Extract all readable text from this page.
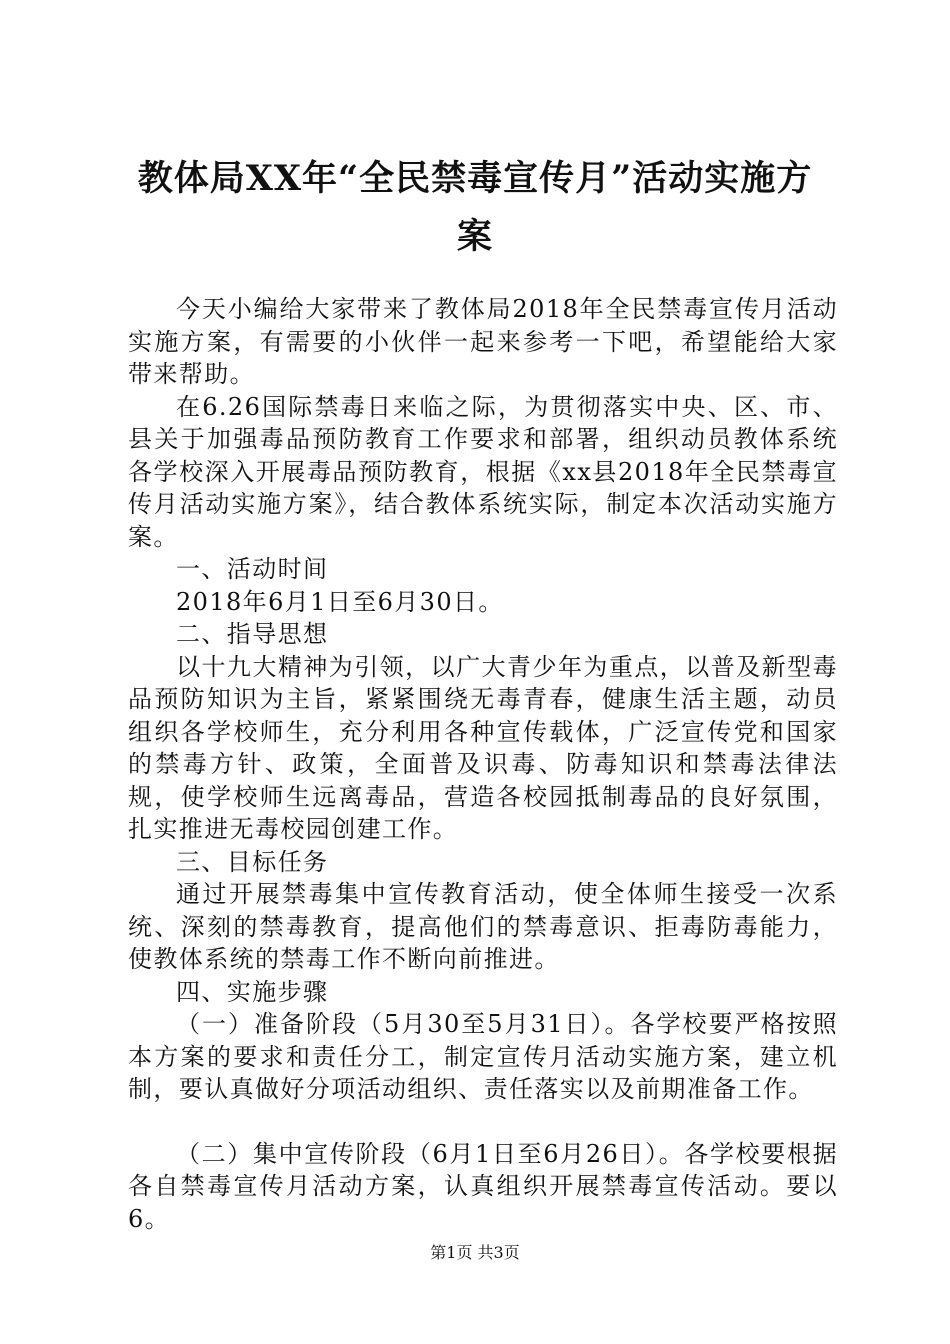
教体局XX年“全民禁毒宣传月”活动实施方
案

今天小编给大家带来了教体局2018年全民禁毒宣传月活动实施方案，有需要的小伙伴一起来参考一下吧，希望能给大家带来帮助。

在6.26国际禁毒日来临之际，为贯彻落实中央、区、市、县关于加强毒品预防教育工作要求和部署，组织动员教体系统各学校深入开展毒品预防教育，根据《xx县2018年全民禁毒宣传月活动实施方案》，结合教体系统实际，制定本次活动实施方案。

一、活动时间

2018年6月1日至6月30日。

二、指导思想

以十九大精神为引领，以广大青少年为重点，以普及新型毒品预防知识为主旨，紧紧围绕无毒青春，健康生活主题，动员组织各学校师生，充分利用各种宣传载体，广泛宣传党和国家的禁毒方针、政策，全面普及识毒、防毒知识和禁毒法律法规，使学校师生远离毒品，营造各校园抵制毒品的良好氛围，扎实推进无毒校园创建工作。

三、目标任务

通过开展禁毒集中宣传教育活动，使全体师生接受一次系统、深刻的禁毒教育，提高他们的禁毒意识、拒毒防毒能力，使教体系统的禁毒工作不断向前推进。

四、实施步骤

（一）准备阶段（5月30至5月31日）。各学校要严格按照本方案的要求和责任分工，制定宣传月活动实施方案，建立机制，要认真做好分项活动组织、责任落实以及前期准备工作。

（二）集中宣传阶段（6月1日至6月26日）。各学校要根据各自禁毒宣传月活动方案，认真组织开展禁毒宣传活动。要以6。

第1页 共3页
